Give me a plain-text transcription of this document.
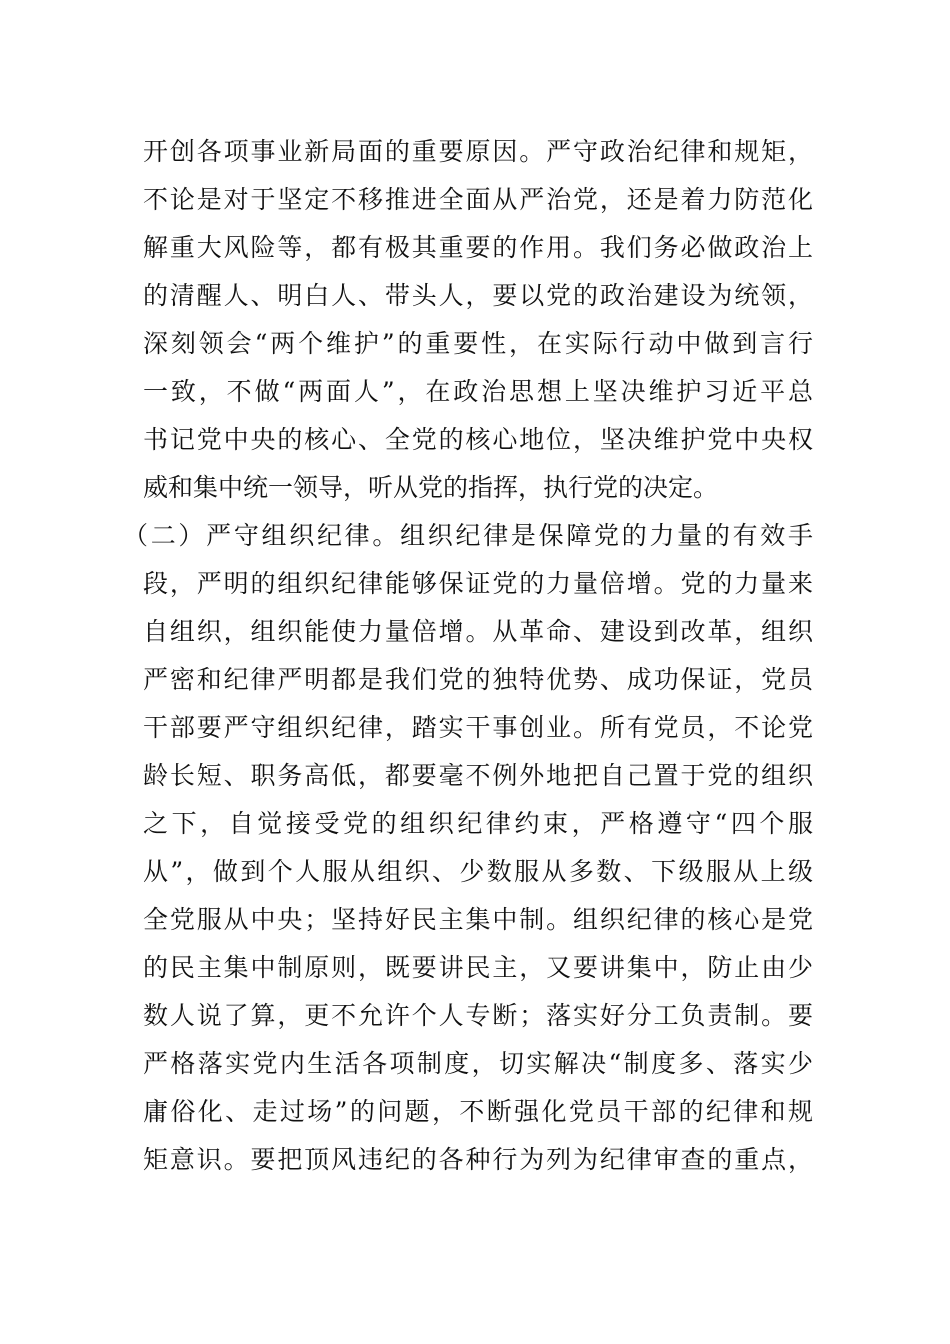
开创各项事业新局面的重要原因。严守政治纪律和规矩，
不论是对于坚定不移推进全面从严治党，还是着力防范化
解重大风险等，都有极其重要的作用。我们务必做政治上
的清醒人、明白人、带头人，要以党的政治建设为统领，
深刻领会“两个维护”的重要性，在实际行动中做到言行
一致，不做“两面人”，在政治思想上坚决维护习近平总
书记党中央的核心、全党的核心地位，坚决维护党中央权
威和集中统一领导，听从党的指挥，执行党的决定。
（二）严守组织纪律。组织纪律是保障党的力量的有效手
段，严明的组织纪律能够保证党的力量倍增。党的力量来
自组织，组织能使力量倍增。从革命、建设到改革，组织
严密和纪律严明都是我们党的独特优势、成功保证，党员
干部要严守组织纪律，踏实干事创业。所有党员，不论党
龄长短、职务高低，都要毫不例外地把自己置于党的组织
之下，自觉接受党的组织纪律约束，严格遵守“四个服
从”，做到个人服从组织、少数服从多数、下级服从上级
全党服从中央；坚持好民主集中制。组织纪律的核心是党
的民主集中制原则，既要讲民主，又要讲集中，防止由少
数人说了算，更不允许个人专断；落实好分工负责制。要
严格落实党内生活各项制度，切实解决“制度多、落实少
庸俗化、走过场”的问题，不断强化党员干部的纪律和规
矩意识。要把顶风违纪的各种行为列为纪律审查的重点，
